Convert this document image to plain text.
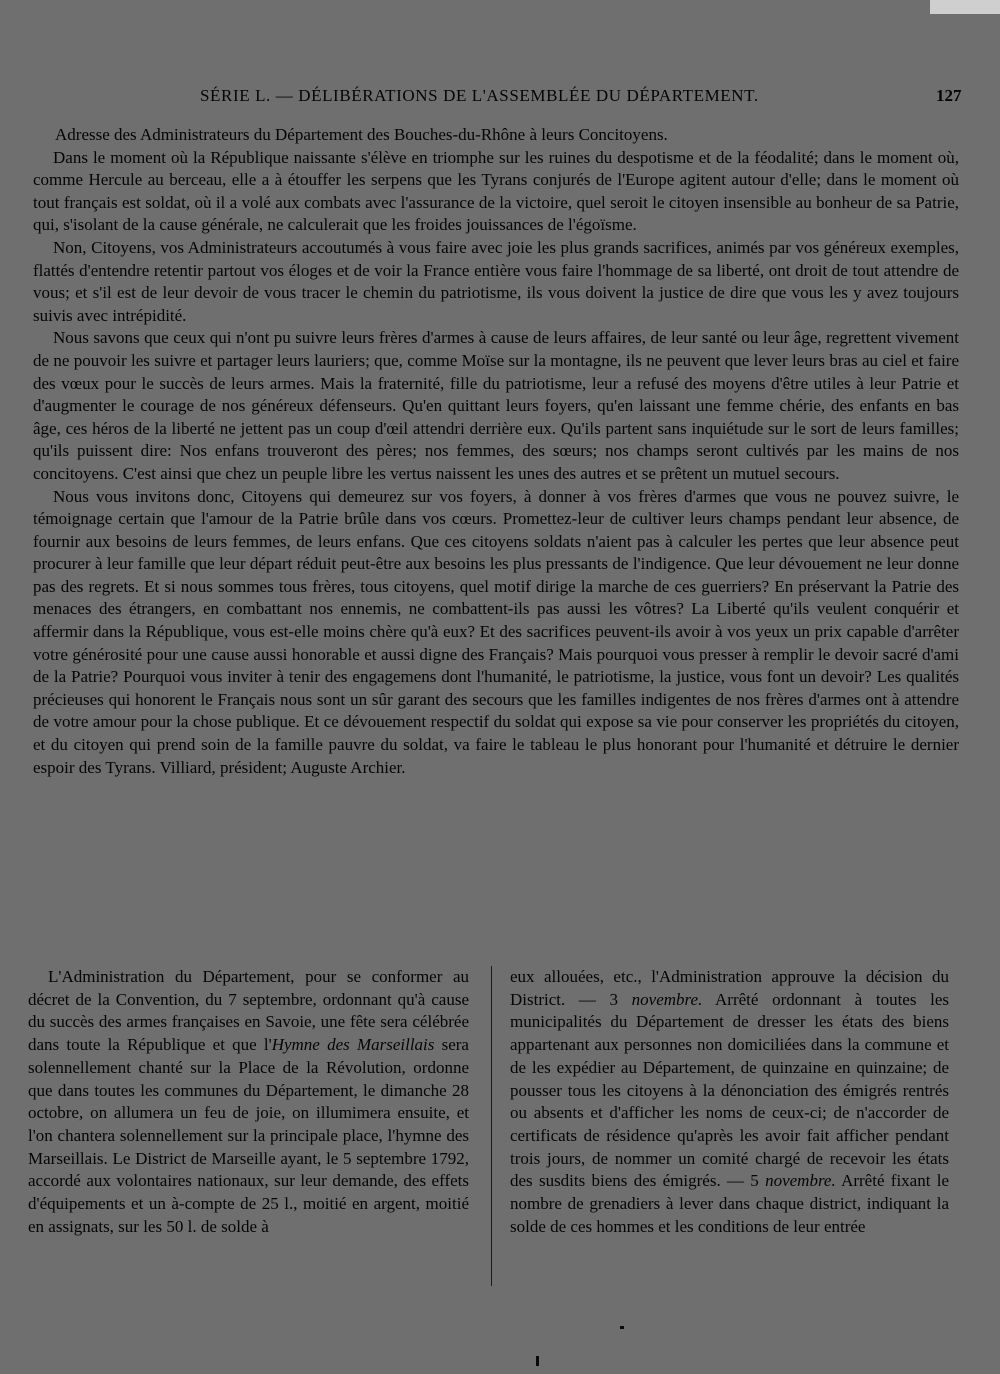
SÉRIE L. — DÉLIBÉRATIONS DE L'ASSEMBLÉE DU DÉPARTEMENT.	127

Adresse des Administrateurs du Département des Bouches-du-Rhône à leurs Concitoyens.

Dans le moment où la République naissante s'élève en triomphe sur les ruines du despotisme et de la féodalité; dans le moment où, comme Hercule au berceau, elle a à étouffer les serpens que les Tyrans conjurés de l'Europe agitent autour d'elle; dans le moment où tout français est soldat, où il a volé aux combats avec l'assurance de la victoire, quel seroit le citoyen insensible au bonheur de sa Patrie, qui, s'isolant de la cause générale, ne calculerait que les froides jouissances de l'égoïsme.

Non, Citoyens, vos Administrateurs accoutumés à vous faire avec joie les plus grands sacrifices, animés par vos généreux exemples, flattés d'entendre retentir partout vos éloges et de voir la France entière vous faire l'hommage de sa liberté, ont droit de tout attendre de vous; et s'il est de leur devoir de vous tracer le chemin du patriotisme, ils vous doivent la justice de dire que vous les y avez toujours suivis avec intrépidité.

Nous savons que ceux qui n'ont pu suivre leurs frères d'armes à cause de leurs affaires, de leur santé ou leur âge, regrettent vivement de ne pouvoir les suivre et partager leurs lauriers; que, comme Moïse sur la montagne, ils ne peuvent que lever leurs bras au ciel et faire des vœux pour le succès de leurs armes. Mais la fraternité, fille du patriotisme, leur a refusé des moyens d'être utiles à leur Patrie et d'augmenter le courage de nos généreux défenseurs. Qu'en quittant leurs foyers, qu'en laissant une femme chérie, des enfants en bas âge, ces héros de la liberté ne jettent pas un coup d'œil attendri derrière eux. Qu'ils partent sans inquiétude sur le sort de leurs familles; qu'ils puissent dire: Nos enfans trouveront des pères; nos femmes, des sœurs; nos champs seront cultivés par les mains de nos concitoyens. C'est ainsi que chez un peuple libre les vertus naissent les unes des autres et se prêtent un mutuel secours.

Nous vous invitons donc, Citoyens qui demeurez sur vos foyers, à donner à vos frères d'armes que vous ne pouvez suivre, le témoignage certain que l'amour de la Patrie brûle dans vos cœurs. Promettez-leur de cultiver leurs champs pendant leur absence, de fournir aux besoins de leurs femmes, de leurs enfans. Que ces citoyens soldats n'aient pas à calculer les pertes que leur absence peut procurer à leur famille que leur départ réduit peut-être aux besoins les plus pressants de l'indigence. Que leur dévouement ne leur donne pas des regrets. Et si nous sommes tous frères, tous citoyens, quel motif dirige la marche de ces guerriers? En préservant la Patrie des menaces des étrangers, en combattant nos ennemis, ne combattent-ils pas aussi les vôtres? La Liberté qu'ils veulent conquérir et affermir dans la République, vous est-elle moins chère qu'à eux? Et des sacrifices peuvent-ils avoir à vos yeux un prix capable d'arrêter votre générosité pour une cause aussi honorable et aussi digne des Français? Mais pourquoi vous presser à remplir le devoir sacré d'ami de la Patrie? Pourquoi vous inviter à tenir des engagemens dont l'humanité, le patriotisme, la justice, vous font un devoir? Les qualités précieuses qui honorent le Français nous sont un sûr garant des secours que les familles indigentes de nos frères d'armes ont à attendre de votre amour pour la chose publique. Et ce dévouement respectif du soldat qui expose sa vie pour conserver les propriétés du citoyen, et du citoyen qui prend soin de la famille pauvre du soldat, va faire le tableau le plus honorant pour l'humanité et détruire le dernier espoir des Tyrans. Villiard, président; Auguste Archier.

L'Administration du Département, pour se conformer au décret de la Convention, du 7 septembre, ordonnant qu'à cause du succès des armes françaises en Savoie, une fête sera célébrée dans toute la République et que l'Hymne des Marseillais sera solennellement chanté sur la Place de la Révolution, ordonne que dans toutes les communes du Département, le dimanche 28 octobre, on allumera un feu de joie, on illumimera ensuite, et l'on chantera solennellement sur la principale place, l'hymne des Marseillais. Le District de Marseille ayant, le 5 septembre 1792, accordé aux volontaires nationaux, sur leur demande, des effets d'équipements et un à-compte de 25 l., moitié en argent, moitié en assignats, sur les 50 l. de solde à

eux allouées, etc., l'Administration approuve la décision du District. — 3 novembre. Arrêté ordonnant à toutes les municipalités du Département de dresser les états des biens appartenant aux personnes non domiciliées dans la commune et de les expédier au Département, de quinzaine en quinzaine; de pousser tous les citoyens à la dénonciation des émigrés rentrés ou absents et d'afficher les noms de ceux-ci; de n'accorder de certificats de résidence qu'après les avoir fait afficher pendant trois jours, de nommer un comité chargé de recevoir les états des susdits biens des émigrés. — 5 novembre. Arrêté fixant le nombre de grenadiers à lever dans chaque district, indiquant la solde de ces hommes et les conditions de leur entrée
